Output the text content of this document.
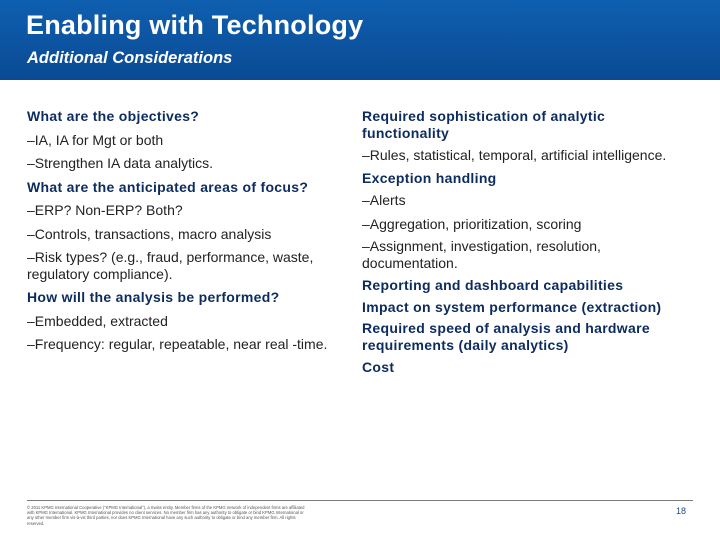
Enabling with Technology
Additional Considerations

What are the objectives?

–IA, IA for Mgt or both

–Strengthen IA data analytics.

What are the anticipated areas of focus?

–ERP? Non-ERP? Both?

–Controls, transactions, macro analysis

–Risk types? (e.g., fraud, performance, waste, regulatory compliance).

How will the analysis be performed?

–Embedded, extracted

–Frequency: regular, repeatable, near real -time.

Required sophistication of analytic functionality

–Rules, statistical, temporal, artificial intelligence.

Exception handling

–Alerts

–Aggregation, prioritization, scoring

–Assignment, investigation, resolution, documentation.

Reporting and dashboard capabilities

Impact on system performance (extraction)

Required speed of analysis and hardware requirements (daily analytics)

Cost

© 2011 KPMG International Cooperative (“KPMG International”), a Swiss entity. Member firms of the KPMG network of independent firms are affiliated with KPMG International. KPMG International provides no client services. No member firm has any authority to obligate or bind KPMG International or any other member firm vis-à-vis third parties, nor does KPMG International have any such authority to obligate or bind any member firm. All rights reserved.
18
